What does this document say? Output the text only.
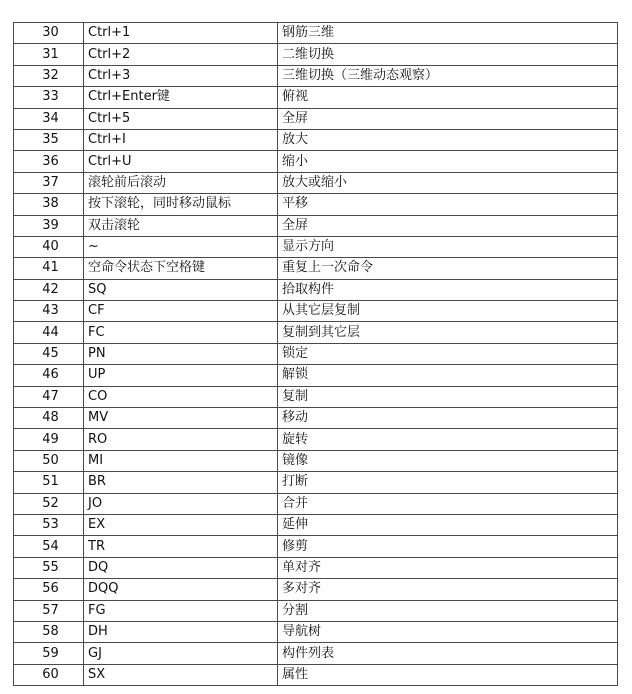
30	Ctrl+1	钢筋三维
31	Ctrl+2	二维切换
32	Ctrl+3	三维切换（三维动态观察）
33	Ctrl+Enter键	俯视
34	Ctrl+5	全屏
35	Ctrl+I	放大
36	Ctrl+U	缩小
37	滚轮前后滚动	放大或缩小
38	按下滚轮，同时移动鼠标	平移
39	双击滚轮	全屏
40	~	显示方向
41	空命令状态下空格键	重复上一次命令
42	SQ	拾取构件
43	CF	从其它层复制
44	FC	复制到其它层
45	PN	锁定
46	UP	解锁
47	CO	复制
48	MV	移动
49	RO	旋转
50	MI	镜像
51	BR	打断
52	JO	合并
53	EX	延伸
54	TR	修剪
55	DQ	单对齐
56	DQQ	多对齐
57	FG	分割
58	DH	导航树
59	GJ	构件列表
60	SX	属性
